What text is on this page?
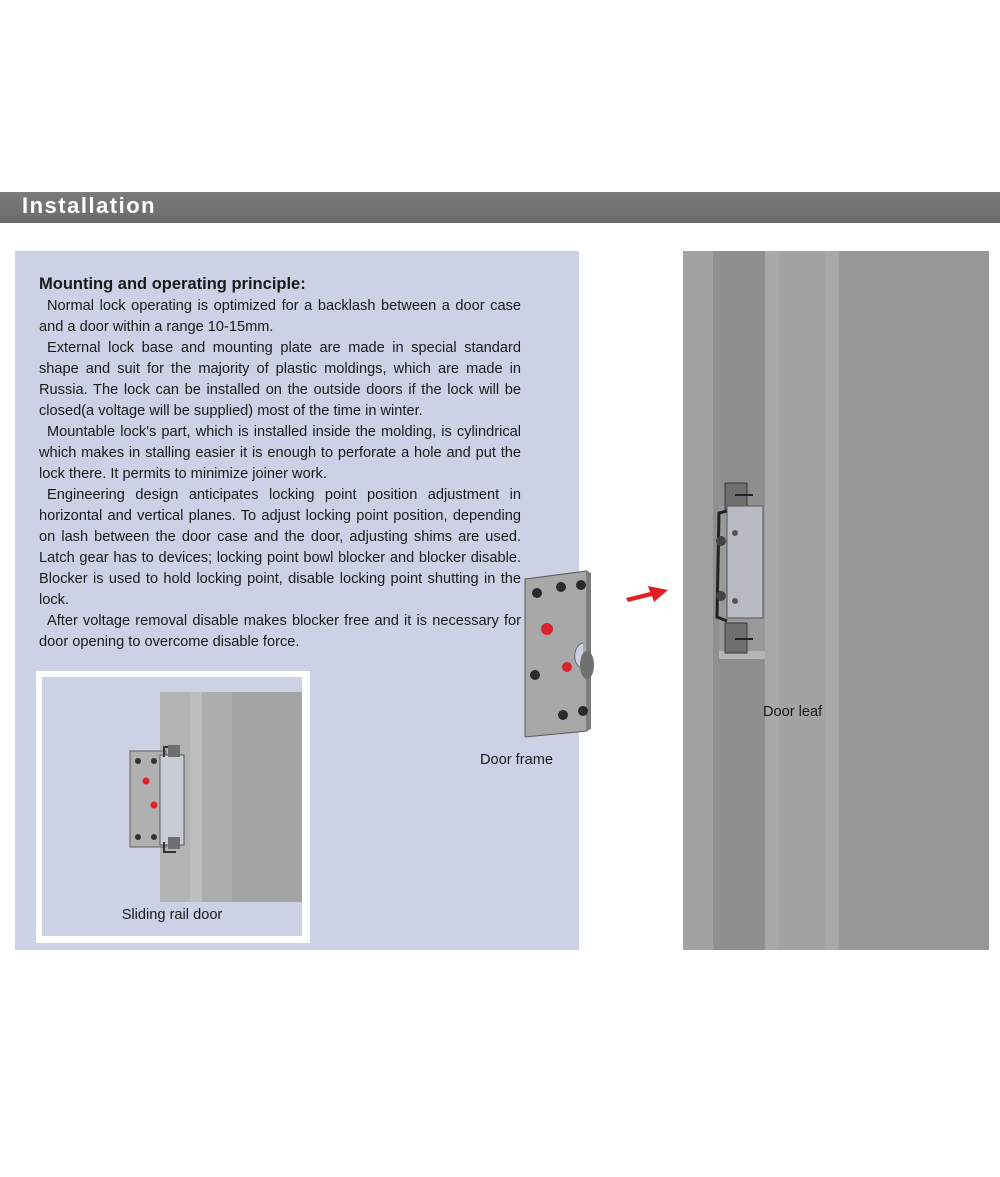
Installation
Mounting and operating principle:

Normal lock operating is optimized for a backlash between a door case and a door within a range 10-15mm.

External lock base and mounting plate are made in special standard shape and suit for the majority of plastic moldings, which are made in Russia. The lock can be installed on the outside doors if the lock will be closed(a voltage will be supplied) most of the time in winter.

Mountable lock's part, which is installed inside the molding, is cylindrical which makes in stalling easier it is enough to perforate a hole and put the lock there. It permits to minimize joiner work.

Engineering design anticipates locking point position adjustment in horizontal and vertical planes. To adjust locking point position, depending on lash between the door case and the door, adjusting shims are used. Latch gear has to devices; locking point bowl blocker and blocker disable. Blocker is used to hold locking point, disable locking point shutting in the lock.

After voltage removal disable makes blocker free and it is necessary for door opening to overcome disable force.

Sliding rail door
Door frame
Door leaf
